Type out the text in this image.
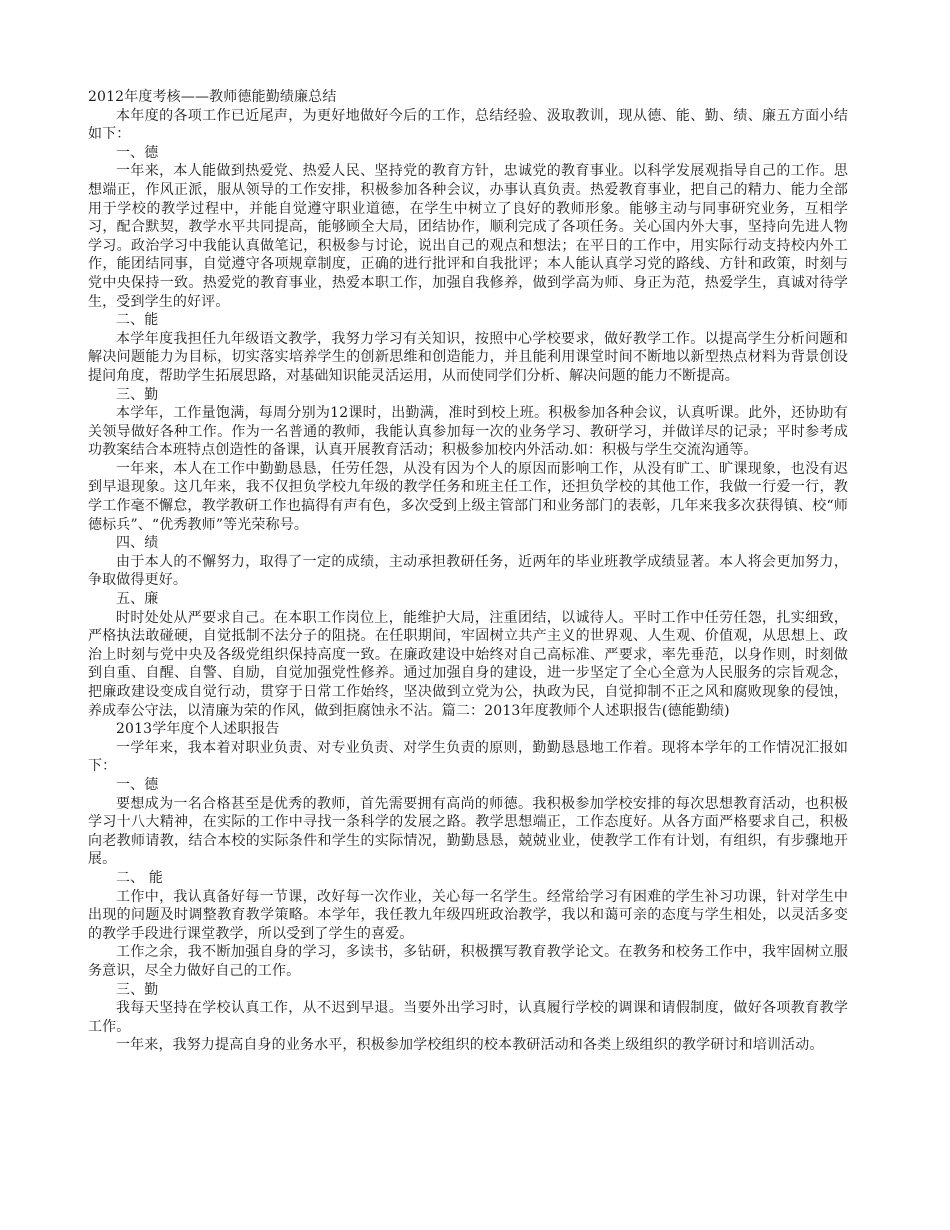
2012年度考核——教师德能勤绩廉总结

本年度的各项工作已近尾声，为更好地做好今后的工作，总结经验、汲取教训，现从德、能、勤、绩、廉五方面小结如下：

一、德

一年来，本人能做到热爱党、热爱人民、坚持党的教育方针，忠诚党的教育事业。以科学发展观指导自己的工作。思想端正，作风正派，服从领导的工作安排，积极参加各种会议，办事认真负责。热爱教育事业，把自己的精力、能力全部用于学校的教学过程中，并能自觉遵守职业道德，在学生中树立了良好的教师形象。能够主动与同事研究业务，互相学习，配合默契，教学水平共同提高，能够顾全大局，团结协作，顺利完成了各项任务。关心国内外大事，坚持向先进人物学习。政治学习中我能认真做笔记，积极参与讨论，说出自己的观点和想法；在平日的工作中，用实际行动支持校内外工作，能团结同事，自觉遵守各项规章制度，正确的进行批评和自我批评；本人能认真学习党的路线、方针和政策，时刻与党中央保持一致。热爱党的教育事业，热爱本职工作，加强自我修养，做到学高为师、身正为范，热爱学生，真诚对待学生，受到学生的好评。

二、能

本学年度我担任九年级语文教学，我努力学习有关知识，按照中心学校要求，做好教学工作。以提高学生分析问题和解决问题能力为目标，切实落实培养学生的创新思维和创造能力，并且能利用课堂时间不断地以新型热点材料为背景创设提问角度，帮助学生拓展思路，对基础知识能灵活运用，从而使同学们分析、解决问题的能力不断提高。

三、勤

本学年，工作量饱满，每周分别为12课时，出勤满，准时到校上班。积极参加各种会议，认真听课。此外，还协助有关领导做好各种工作。作为一名普通的教师，我能认真参加每一次的业务学习、教研学习，并做详尽的记录；平时参考成功教案结合本班特点创造性的备课，认真开展教育活动；积极参加校内外活动.如：积极与学生交流沟通等。

一年来，本人在工作中勤勤恳恳，任劳任怨，从没有因为个人的原因而影响工作，从没有旷工、旷课现象，也没有迟到早退现象。这几年来，我不仅担负学校九年级的教学任务和班主任工作，还担负学校的其他工作，我做一行爱一行，教学工作毫不懈怠，教学教研工作也搞得有声有色，多次受到上级主管部门和业务部门的表彰，几年来我多次获得镇、校“师德标兵”、“优秀教师”等光荣称号。

四、绩

由于本人的不懈努力，取得了一定的成绩，主动承担教研任务，近两年的毕业班教学成绩显著。本人将会更加努力，争取做得更好。

五、廉

时时处处从严要求自己。在本职工作岗位上，能维护大局，注重团结，以诚待人。平时工作中任劳任怨，扎实细致，严格执法敢碰硬，自觉抵制不法分子的阻挠。在任职期间，牢固树立共产主义的世界观、人生观、价值观，从思想上、政治上时刻与党中央及各级党组织保持高度一致。在廉政建设中始终对自己高标准、严要求，率先垂范，以身作则，时刻做到自重、自醒、自警、自励，自觉加强党性修养。通过加强自身的建设，进一步坚定了全心全意为人民服务的宗旨观念，把廉政建设变成自觉行动，贯穿于日常工作始终，坚决做到立党为公，执政为民，自觉抑制不正之风和腐败现象的侵蚀，养成奉公守法，以清廉为荣的作风，做到拒腐蚀永不沾。篇二：2013年度教师个人述职报告(德能勤绩)

2013学年度个人述职报告

一学年来，我本着对职业负责、对专业负责、对学生负责的原则，勤勤恳恳地工作着。现将本学年的工作情况汇报如下：

一、德

要想成为一名合格甚至是优秀的教师，首先需要拥有高尚的师德。我积极参加学校安排的每次思想教育活动，也积极学习十八大精神，在实际的工作中寻找一条科学的发展之路。教学思想端正，工作态度好。从各方面严格要求自己，积极向老教师请教，结合本校的实际条件和学生的实际情况，勤勤恳恳，兢兢业业，使教学工作有计划，有组织，有步骤地开展。

二、 能

工作中，我认真备好每一节课，改好每一次作业，关心每一名学生。经常给学习有困难的学生补习功课，针对学生中出现的问题及时调整教育教学策略。本学年，我任教九年级四班政治教学，我以和蔼可亲的态度与学生相处，以灵活多变的教学手段进行课堂教学，所以受到了学生的喜爱。

工作之余，我不断加强自身的学习，多读书，多钻研，积极撰写教育教学论文。在教务和校务工作中，我牢固树立服务意识，尽全力做好自己的工作。

三、勤

我每天坚持在学校认真工作，从不迟到早退。当要外出学习时，认真履行学校的调课和请假制度，做好各项教育教学工作。

一年来，我努力提高自身的业务水平，积极参加学校组织的校本教研活动和各类上级组织的教学研讨和培训活动。
